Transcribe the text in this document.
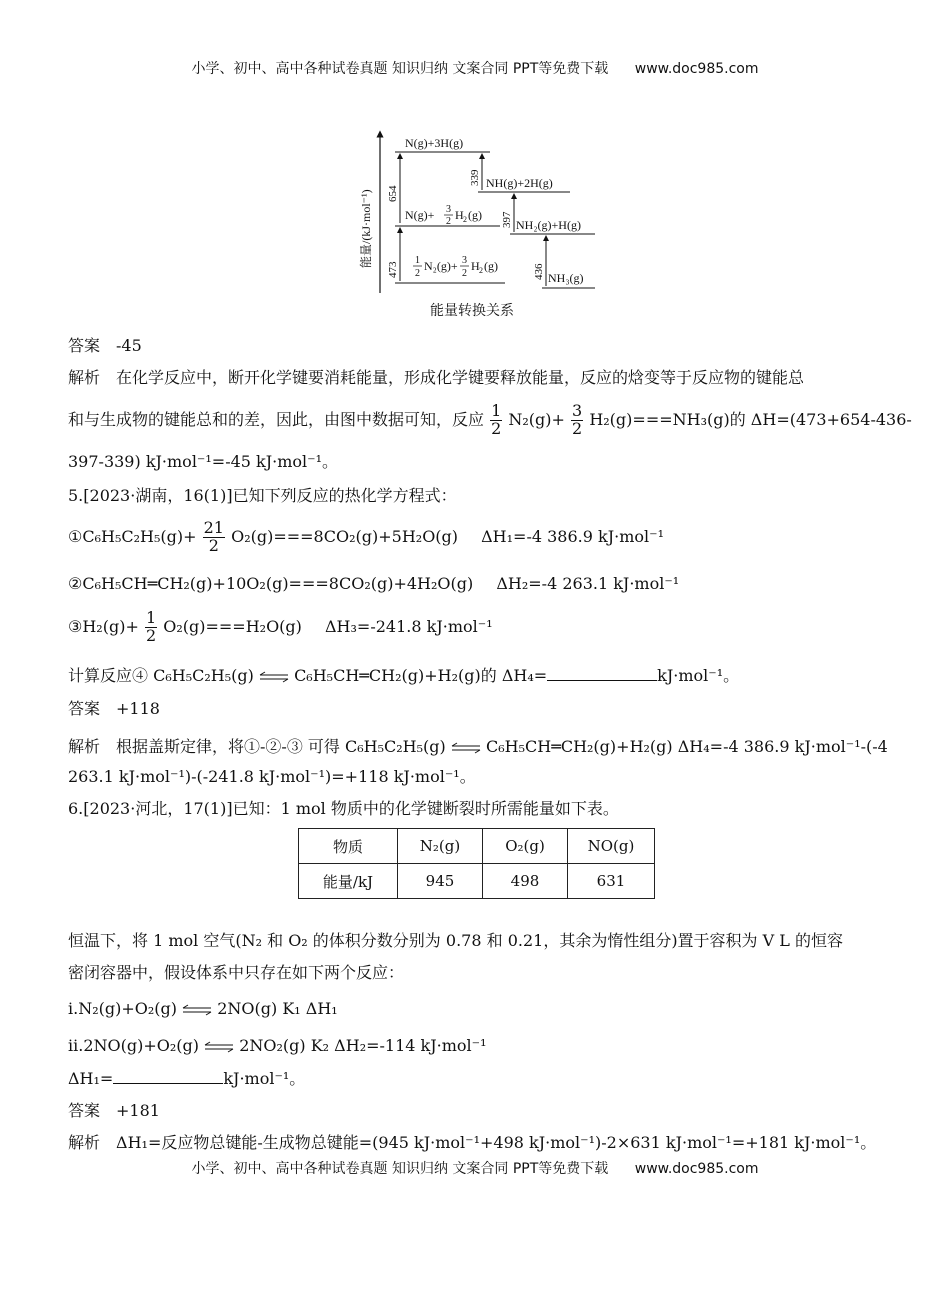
小学、初中、高中各种试卷真题 知识归纳 文案合同 PPT等免费下载 www.doc985.com
能量/(kJ·mol⁻¹)
N(g)+3H(g)
NH(g)+2H(g)
N(g)+ 3
2 H 2 (g)
NH₂(g)+H(g)
1
2
N₂(g)+ 3
2
H 2 (g)
NH₃(g)
654
339
397
473	436
能量转换关系
答案 -45
解析 在化学反应中，断开化学键要消耗能量，形成化学键要释放能量，反应的焓变等于反应物的键能总
和与生成物的键能总和的差，因此，由图中数据可知，反应 $\frac{1}{2} N_2(g)+ \frac{3}{2} H_2(g)===NH_3(g)$的 ΔH=(473+654-436-
397-339) kJ·mol⁻¹=-45 kJ·mol⁻¹。
5.[2023·湖南，16(1)]已知下列反应的热化学方程式：
①C₆H₅C₂H₅(g)+ $\frac{21}{2} O_2(g)===8CO_2(g)+5H_2O(g)$ ΔH₁=-4 386.9 kJ·mol⁻¹
②C₆H₅CH═CH₂(g)+10O₂(g)===8CO₂(g)+4H₂O(g) ΔH₂=-4 263.1 kJ·mol⁻¹
③H₂(g)+ $\frac{1}{2} O_2(g)===H_2O(g)$ ΔH₃=-241.8 kJ·mol⁻¹
计算反应④ C₆H₅C₂H₅(g) ⇌ C₆H₅CH═CH₂(g)+H₂(g)的 ΔH₄=	kJ·mol⁻¹。
答案 +118
解析 根据盖斯定律，将①-②-③ 可得 C₆H₅C₂H₅(g) ⇌ C₆H₅CH═CH₂(g)+H₂(g) ΔH₄=-4 386.9 kJ·mol⁻¹-(-4
263.1 kJ·mol⁻¹)-(-241.8 kJ·mol⁻¹)=+118 kJ·mol⁻¹。
6.[2023·河北，17(1)]已知：1 mol 物质中的化学键断裂时所需能量如下表。
物质	N₂(g)	O₂(g)	NO(g)
能量/kJ	945	498	631
恒温下，将 1 mol 空气(N₂ 和 O₂ 的体积分数分别为 0.78 和 0.21，其余为惰性组分)置于容积为 V L 的恒容
密闭容器中，假设体系中只存在如下两个反应：
ⅰ.N₂(g)+O₂(g) ⇌ 2NO(g) K₁ ΔH₁
ⅱ.2NO(g)+O₂(g) ⇌ 2NO₂(g) K₂ ΔH₂=-114 kJ·mol⁻¹
ΔH₁=	kJ·mol⁻¹。
答案 +181
解析 ΔH₁=反应物总键能-生成物总键能=(945 kJ·mol⁻¹+498 kJ·mol⁻¹)-2×631 kJ·mol⁻¹=+181 kJ·mol⁻¹。
小学、初中、高中各种试卷真题 知识归纳 文案合同 PPT等免费下载 www.doc985.com
